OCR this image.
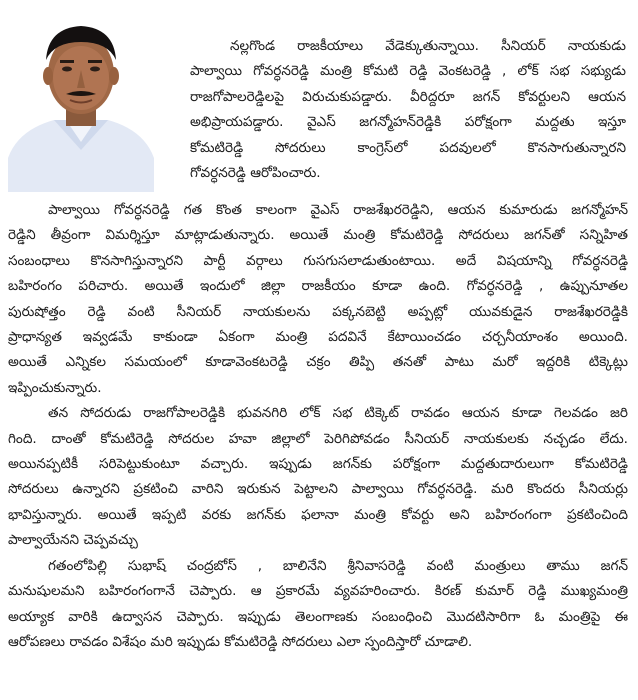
నల్లగొండ రాజకీయాలు వేడెక్కుతున్నాయి. సీనియర్ నాయకుడు
పాల్వాయి గోవర్ధనరెడ్డి మంత్రి కోమటి రెడ్డి వెంకటరెడ్డి , లోక్ సభ సభ్యుడు
రాజగోపాలరెడ్డిలపై విరుచుకుపడ్డారు. వీరిద్దరూ జగన్ కోవర్టులని ఆయన
అభిప్రాయపడ్డారు. వైఎస్ జగన్మోహన్‌రెడ్డికి పరోక్షంగా మద్దతు ఇస్తూ
కోమటిరెడ్డి సోదరులు కాంగ్రెస్‌లో పదవులలో కొనసాగుతున్నారని
గోవర్ధనరెడ్డి ఆరోపించారు.
పాల్వాయి గోవర్ధనరెడ్డి గత కొంత కాలంగా వైఎస్ రాజశేఖరరెడ్డిని, ఆయన కుమారుడు జగన్మోహన్
రెడ్డిని తీవ్రంగా విమర్శిస్తూ మాట్లాడుతున్నారు. అయితే మంత్రి కోమటిరెడ్డి సోదరులు జగన్‌తో సన్నిహిత
సంబంధాలు కొనసాగిస్తున్నారని పార్టీ వర్గాలు గుసగుసలాడుతుంటాయి. అదే విషయాన్ని గోవర్ధనరెడ్డి
బహిరంగం పరిచారు. అయితే ఇందులో జిల్లా రాజకీయం కూడా ఉంది. గోవర్ధనరెడ్డి , ఉప్పునూతల
పురుషోత్తం రెడ్డి వంటి సీనియర్ నాయకులను పక్కనబెట్టి అప్పట్లో యువకుడైన రాజశేఖరరెడ్డికి
ప్రాధాన్యత ఇవ్వడమే కాకుండా ఏకంగా మంత్రి పదవినే కేటాయించడం చర్చనీయాంశం అయింది.
అయితే ఎన్నికల సమయంలో కూడావెంకటరెడ్డి చక్రం తిప్పి తనతో పాటు మరో ఇద్దరికి టిక్కెట్లు
ఇప్పించుకున్నారు.
తన సోదరుడు రాజగోపాలరెడ్డికి భువనగిరి లోక్ సభ టిక్కెట్ రావడం ఆయన కూడా గెలవడం జరి
గింది. దాంతో కోమటిరెడ్డి సోదరుల హవా జిల్లాలో పెరిగిపోవడం సీనియర్ నాయకులకు నచ్చడం లేదు.
అయినప్పటికీ సరిపెట్టుకుంటూ వచ్చారు. ఇప్పుడు జగన్‌కు పరోక్షంగా మద్దతుదారులుగా కోమటిరెడ్డి
సోదరులు ఉన్నారని ప్రకటించి వారిని ఇరుకున పెట్టాలని పాల్వాయి గోవర్ధనరెడ్డి. మరి కొందరు సీనియర్లు
భావిస్తున్నారు. అయితే ఇప్పటి వరకు జగన్‌కు ఫలానా మంత్రి కోవర్టు అని బహిరంగంగా ప్రకటించింది
పాల్వాయేనని చెప్పవచ్చు
గతంలోపిల్లి సుభాష్ చంద్రబోస్ , బాలినేని శ్రీనివాసరెడ్డి వంటి మంత్రులు తాము జగన్
మనుషులమని బహిరంగంగానే చెప్పారు. ఆ ప్రకారమే వ్యవహరించారు. కిరణ్ కుమార్ రెడ్డి ముఖ్యమంత్రి
అయ్యాక వారికి ఉద్వాసన చెప్పారు. ఇప్పుడు తెలంగాణకు సంబంధించి మొదటిసారిగా ఓ మంత్రిపై ఈ
ఆరోపణలు రావడం విశేషం మరి ఇప్పుడు కోమటిరెడ్డి సోదరులు ఎలా స్పందిస్తారో చూడాలి.
